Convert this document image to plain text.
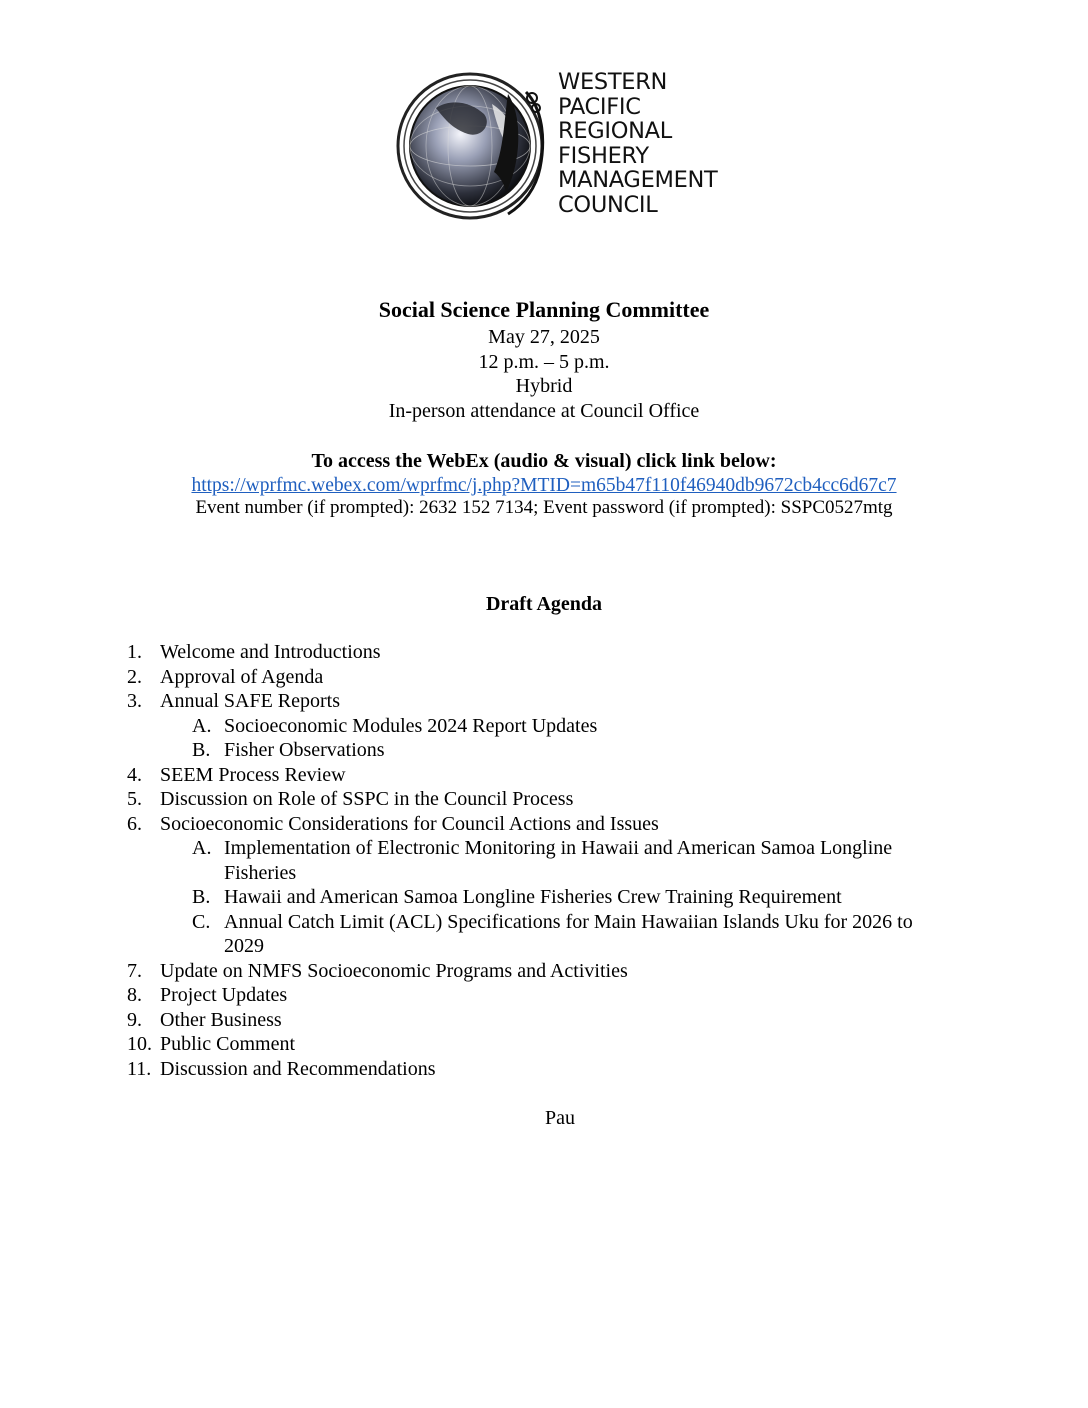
WESTERN
PACIFIC
REGIONAL
FISHERY
MANAGEMENT
COUNCIL
Social Science Planning Committee
May 27, 2025
12 p.m. – 5 p.m.
Hybrid
In-person attendance at Council Office
To access the WebEx (audio & visual) click link below:
https://wprfmc.webex.com/wprfmc/j.php?MTID=m65b47f110f46940db9672cb4cc6d67c7
Event number (if prompted): 2632 152 7134; Event password (if prompted): SSPC0527mtg
Draft Agenda
1. Welcome and Introductions
2. Approval of Agenda
3. Annual SAFE Reports
A. Socioeconomic Modules 2024 Report Updates
B. Fisher Observations
4. SEEM Process Review
5. Discussion on Role of SSPC in the Council Process
6. Socioeconomic Considerations for Council Actions and Issues
A. Implementation of Electronic Monitoring in Hawaii and American Samoa Longline
Fisheries
B. Hawaii and American Samoa Longline Fisheries Crew Training Requirement
C. Annual Catch Limit (ACL) Specifications for Main Hawaiian Islands Uku for 2026 to
2029
7. Update on NMFS Socioeconomic Programs and Activities
8. Project Updates
9. Other Business
10. Public Comment
11. Discussion and Recommendations
Pau
